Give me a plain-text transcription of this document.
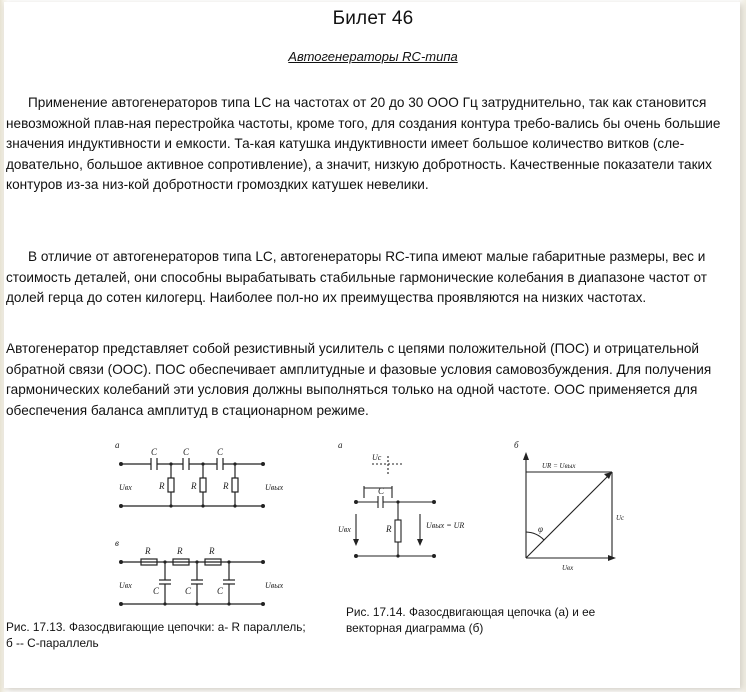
Билет 46
Автогенераторы RC-типа

Применение автогенераторов типа LC на частотах от 20 до 30 ООО Гц затруднительно, так как становится невозможной плав-ная перестройка частоты, кроме того, для создания контура требо-вались бы очень большие значения индуктивности и емкости. Та-кая катушка индуктивности имеет большое количество витков (сле-довательно, большое активное сопротивление), а значит, низкую добротность. Качественные показатели таких контуров из-за низ-кой добротности громоздких катушек невелики.

В отличие от автогенераторов типа LC, автогенераторы RC-типа имеют малые габаритные размеры, вес и стоимость деталей, они способны вырабатывать стабильные гармонические колебания в диапазоне частот от долей герца до сотен килогерц. Наиболее пол-но их преимущества проявляются на низких частотах.

Автогенератор представляет собой резистивный усилитель с цепями положительной (ПОС) и отрицательной обратной связи (ООС). ПОС обеспечивает амплитудные и фазовые условия самовозбуждения. Для получения гармонических колебаний эти условия должны выполняться только на одной частоте. ООС применяется для обеспечения баланса амплитуд в стационарном режиме.

а
C	C	C
R	R	R
Uвх	Uвых
в
R	R	R
C	C	C
Uвх	Uвых
а
Uc
C
R
Uвх	Uвых = UR
б
UR = Uвых
Uc
φ
Uвх
Рис. 17.13. Фазосдвигающие цепочки: а- R параллель; б -- С-параллель
Рис. 17.14. Фазосдвигающая цепочка (а) и ее векторная диаграмма (б)
